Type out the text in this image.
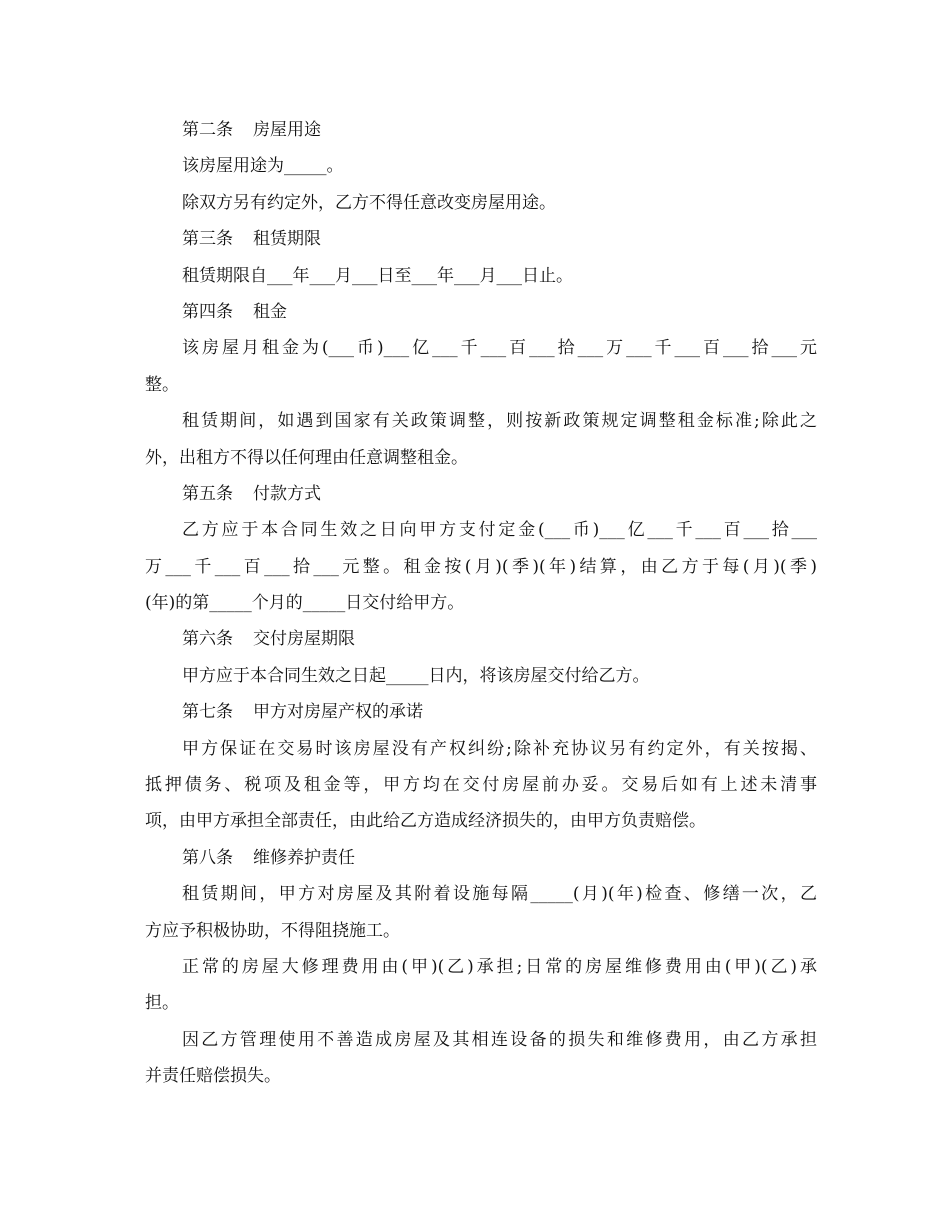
第二条 房屋用途
该房屋用途为_____。
除双方另有约定外，乙方不得任意改变房屋用途。
第三条 租赁期限
租赁期限自___年___月___日至___年___月___日止。
第四条 租金
该房屋月租金为(___币)___亿___千___百___拾___万___千___百___拾___元
整。
租赁期间，如遇到国家有关政策调整，则按新政策规定调整租金标准;除此之
外，出租方不得以任何理由任意调整租金。
第五条 付款方式
乙方应于本合同生效之日向甲方支付定金(___币)___亿___千___百___拾___
万___千___百___拾___元整。租金按(月)(季)(年)结算，由乙方于每(月)(季)
(年)的第_____个月的_____日交付给甲方。
第六条 交付房屋期限
甲方应于本合同生效之日起_____日内，将该房屋交付给乙方。
第七条 甲方对房屋产权的承诺
甲方保证在交易时该房屋没有产权纠纷;除补充协议另有约定外，有关按揭、
抵押债务、税项及租金等，甲方均在交付房屋前办妥。交易后如有上述未清事
项，由甲方承担全部责任，由此给乙方造成经济损失的，由甲方负责赔偿。
第八条 维修养护责任
租赁期间，甲方对房屋及其附着设施每隔_____(月)(年)检查、修缮一次，乙
方应予积极协助，不得阻挠施工。
正常的房屋大修理费用由(甲)(乙)承担;日常的房屋维修费用由(甲)(乙)承
担。
因乙方管理使用不善造成房屋及其相连设备的损失和维修费用，由乙方承担
并责任赔偿损失。
